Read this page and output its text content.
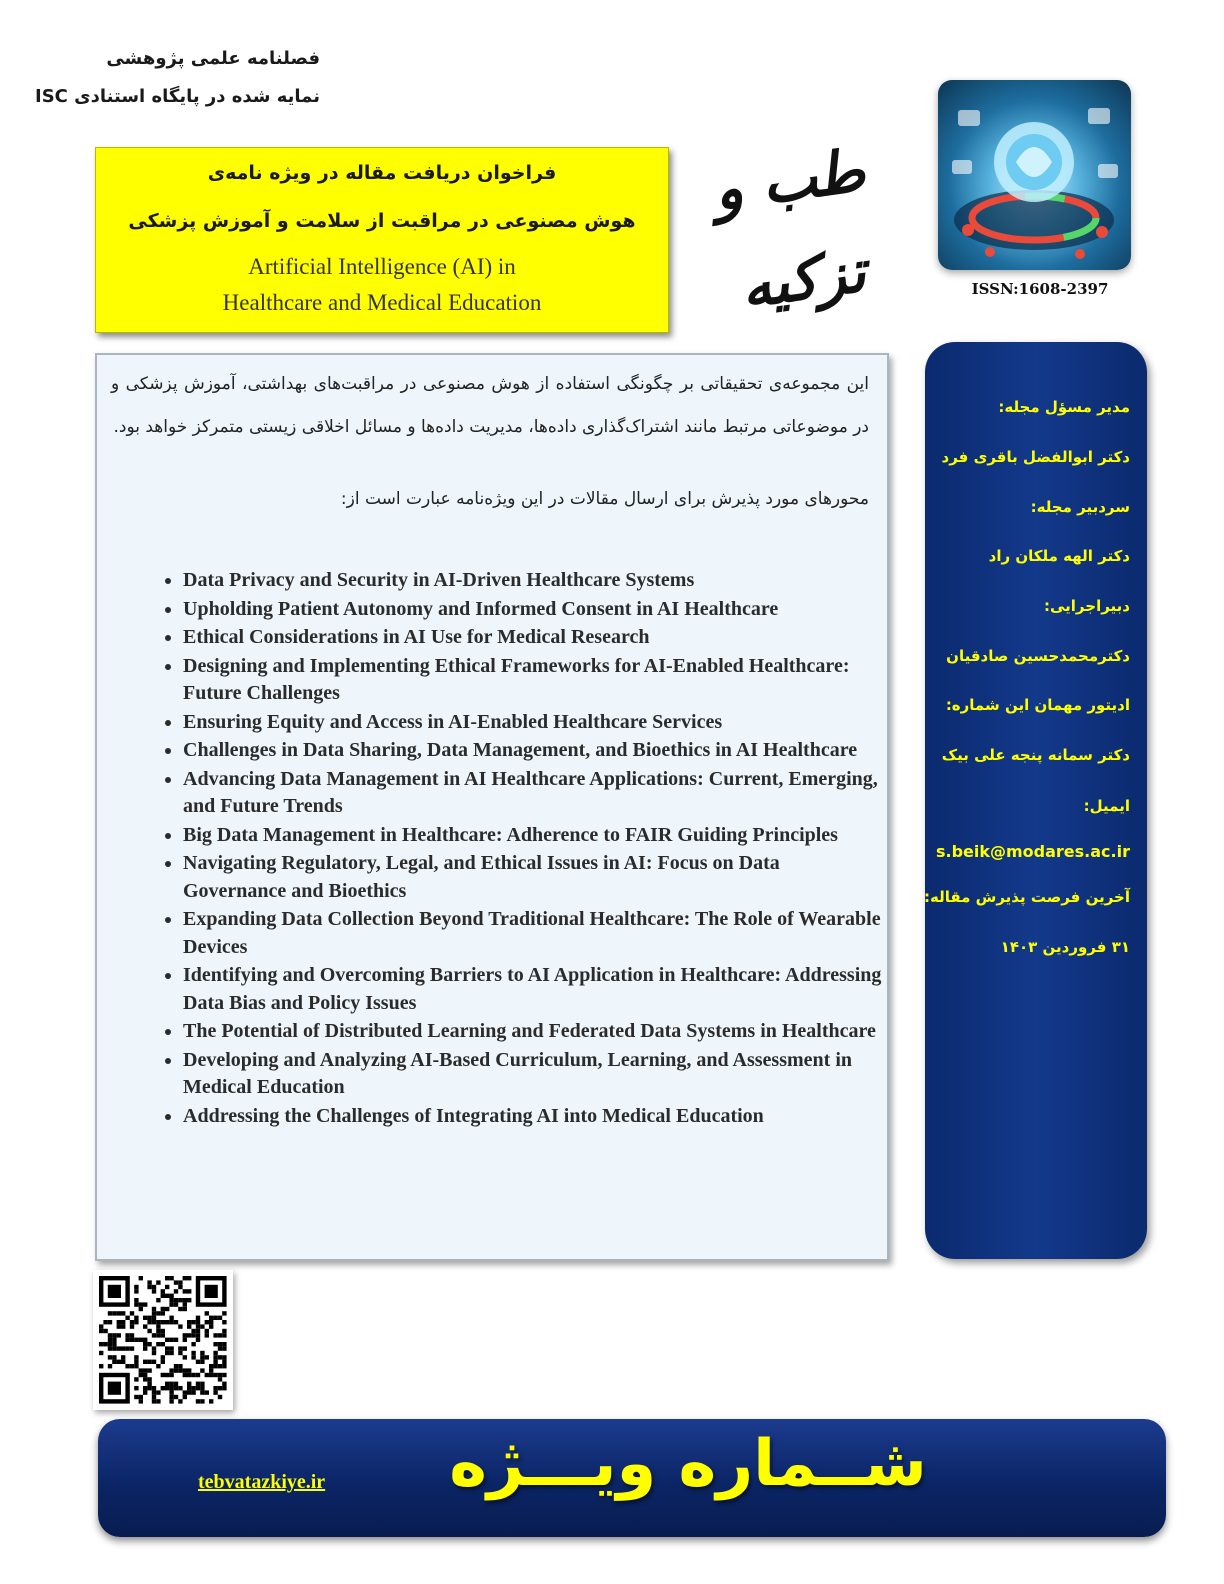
فصلنامه علمی پژوهشی
نمایه شده در پایگاه استنادی ISC
طب و تزکیه	ISSN:1608-2397
فراخوان دریافت مقاله در ویژه نامه‌ی
هوش مصنوعی در مراقبت از سلامت و آموزش پزشکی
Artificial Intelligence (AI) in
Healthcare and Medical Education
این مجموعه‌ی تحقیقاتی بر چگونگی استفاده از هوش مصنوعی در مراقبت‌های بهداشتی، آموزش پزشکی و در موضوعاتی مرتبط مانند اشتراک‌گذاری داده‌ها، مدیریت داده‌ها و مسائل اخلاقی زیستی متمرکز خواهد بود.
محورهای مورد پذیرش برای ارسال مقالات در این ویژه‌نامه عبارت است از:
• Data Privacy and Security in AI-Driven Healthcare Systems
• Upholding Patient Autonomy and Informed Consent in AI Healthcare
• Ethical Considerations in AI Use for Medical Research
• Designing and Implementing Ethical Frameworks for AI-Enabled Healthcare: Future Challenges
• Ensuring Equity and Access in AI-Enabled Healthcare Services
• Challenges in Data Sharing, Data Management, and Bioethics in AI Healthcare
• Advancing Data Management in AI Healthcare Applications: Current, Emerging, and Future Trends
• Big Data Management in Healthcare: Adherence to FAIR Guiding Principles
• Navigating Regulatory, Legal, and Ethical Issues in AI: Focus on Data Governance and Bioethics
• Expanding Data Collection Beyond Traditional Healthcare: The Role of Wearable Devices
• Identifying and Overcoming Barriers to AI Application in Healthcare: Addressing Data Bias and Policy Issues
• The Potential of Distributed Learning and Federated Data Systems in Healthcare
• Developing and Analyzing AI-Based Curriculum, Learning, and Assessment in Medical Education
• Addressing the Challenges of Integrating AI into Medical Education
مدیر مسؤل مجله:
دکتر ابوالفضل باقری فرد
سردبیر مجله:
دکتر الهه ملکان راد
دبیراجرایی:
دکترمحمدحسین صادقیان
ادیتور مهمان این شماره:
دکتر سمانه پنجه علی بیک
ایمیل:
s.beik@modares.ac.ir
آخرین فرصت پذیرش مقاله:
۳۱ فروردین ۱۴۰۳
tebvatazkiye.ir	شــماره ویـــژه
